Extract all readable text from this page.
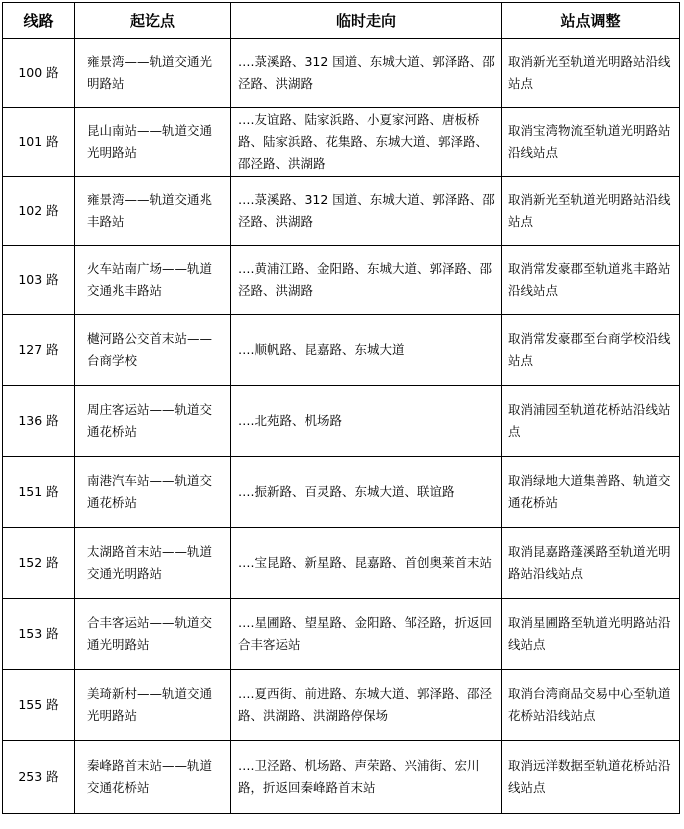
线路	起讫点	临时走向	站点调整

100 路	雍景湾——轨道交通光明路站	….菉溪路、312 国道、东城大道、郭泽路、邵泾路、洪湖路	取消新光至轨道光明路站沿线站点

101 路	昆山南站——轨道交通光明路站	….友谊路、陆家浜路、小夏家河路、唐板桥路、陆家浜路、花集路、东城大道、郭泽路、邵泾路、洪湖路	取消宝湾物流至轨道光明路站沿线站点

102 路	雍景湾——轨道交通兆丰路站	….菉溪路、312 国道、东城大道、郭泽路、邵泾路、洪湖路	取消新光至轨道光明路站沿线站点

103 路	火车站南广场——轨道交通兆丰路站	….黄浦江路、金阳路、东城大道、郭泽路、邵泾路、洪湖路	取消常发豪郡至轨道兆丰路站沿线站点

127 路	樾河路公交首末站——台商学校	….顺帆路、昆嘉路、东城大道	取消常发豪郡至台商学校沿线站点

136 路	周庄客运站——轨道交通花桥站	….北苑路、机场路	取消浦园至轨道花桥站沿线站点

151 路	南港汽车站——轨道交通花桥站	….振新路、百灵路、东城大道、联谊路	取消绿地大道集善路、轨道交通花桥站

152 路	太湖路首末站——轨道交通光明路站	….宝昆路、新星路、昆嘉路、首创奥莱首末站	取消昆嘉路蓬溪路至轨道光明路站沿线站点

153 路	合丰客运站——轨道交通光明路站	….星圃路、望星路、金阳路、邹泾路，折返回合丰客运站	取消星圃路至轨道光明路站沿线站点

155 路	美琦新村——轨道交通光明路站	….夏西街、前进路、东城大道、郭泽路、邵泾路、洪湖路、洪湖路停保场	取消台湾商品交易中心至轨道花桥站沿线站点

253 路	秦峰路首末站——轨道交通花桥站	….卫泾路、机场路、声荣路、兴浦街、宏川路，折返回秦峰路首末站	取消远洋数据至轨道花桥站沿线站点
